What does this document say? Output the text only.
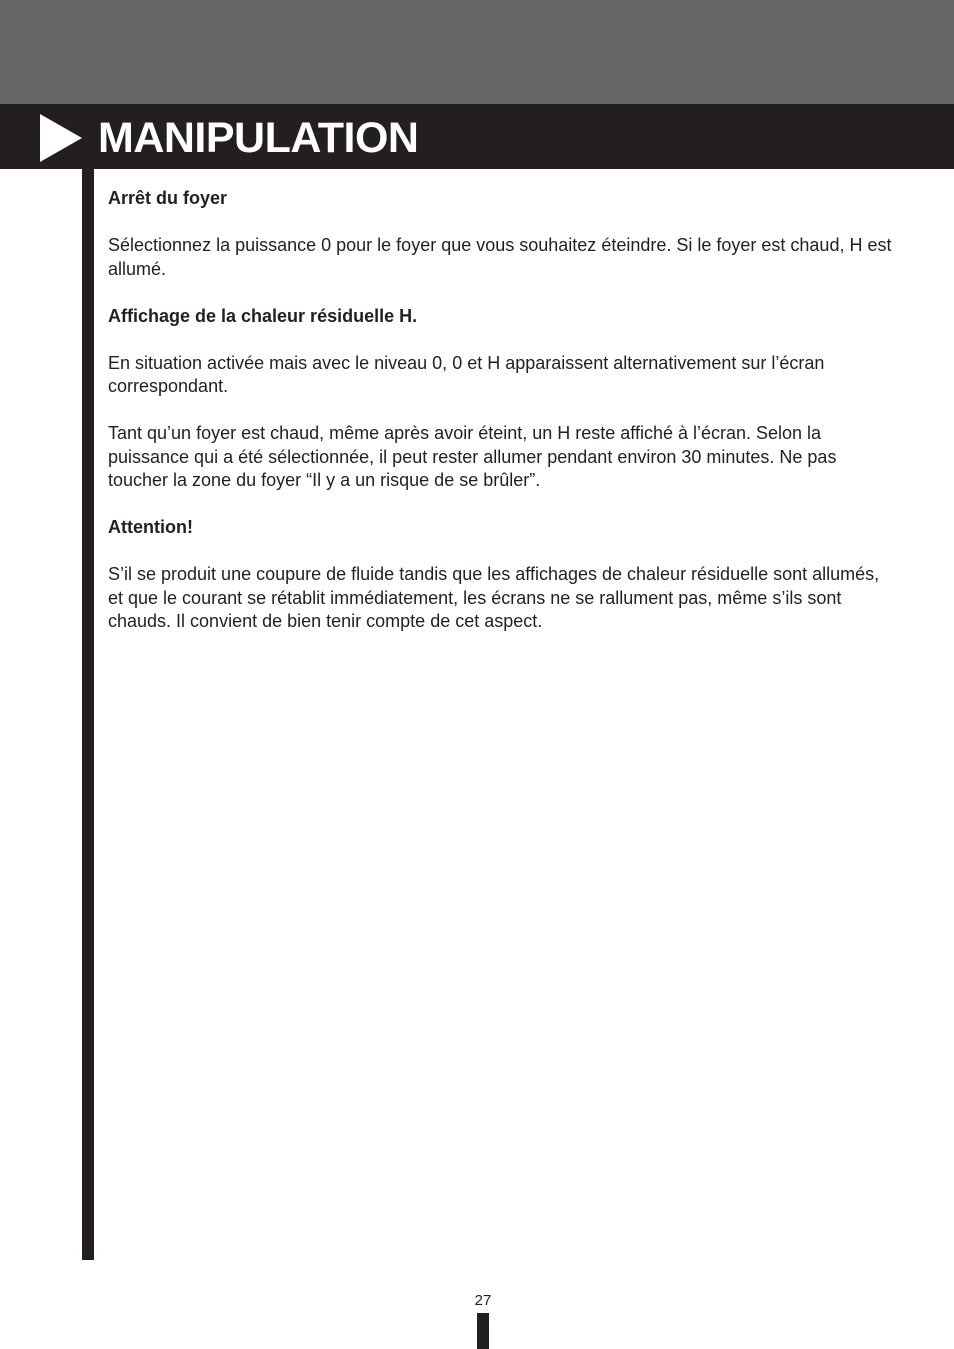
MANIPULATION

Arrêt du foyer

Sélectionnez la puissance 0 pour le foyer que vous souhaitez éteindre. Si le foyer est chaud, H est allumé.

Affichage de la chaleur résiduelle H.

En situation activée mais avec le niveau 0, 0 et H apparaissent alternativement sur l’écran correspondant.

Tant qu’un foyer est chaud, même après avoir éteint, un H reste affiché à l’écran. Selon la puissance qui a été sélectionnée, il peut rester allumer pendant environ 30 minutes. Ne pas toucher la zone du foyer “Il y a un risque de se brûler”.

Attention!

S’il se produit une coupure de fluide tandis que les affichages de chaleur résiduelle sont allumés, et que le courant se rétablit immédiatement, les écrans ne se rallument pas, même s’ils sont chauds. Il convient de bien tenir compte de cet aspect.

27
